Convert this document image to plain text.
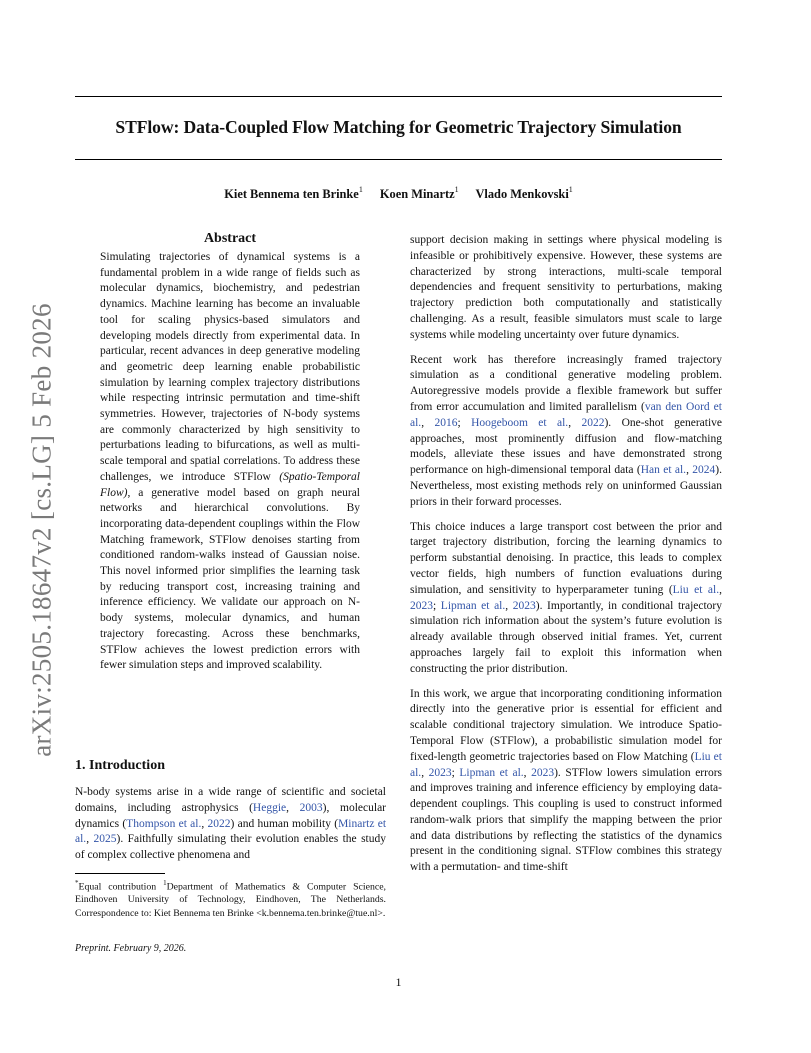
STFlow: Data-Coupled Flow Matching for Geometric Trajectory Simulation
Kiet Bennema ten Brinke$^1$ Koen Minartz$^1$ Vlado Menkovski$^1$
arXiv:2505.18647v2 [cs.LG] 5 Feb 2026
Abstract

Simulating trajectories of dynamical systems is a fundamental problem in a wide range of fields such as molecular dynamics, biochemistry, and pedestrian dynamics. Machine learning has become an invaluable tool for scaling physics-based simulators and developing models directly from experimental data. In particular, recent advances in deep generative modeling and geometric deep learning enable probabilistic simulation by learning complex trajectory distributions while respecting intrinsic permutation and time-shift symmetries. However, trajectories of N-body systems are commonly characterized by high sensitivity to perturbations leading to bifurcations, as well as multi-scale temporal and spatial correlations. To address these challenges, we introduce STFlow (Spatio-Temporal Flow), a generative model based on graph neural networks and hierarchical convolutions. By incorporating data-dependent couplings within the Flow Matching framework, STFlow denoises starting from conditioned random-walks instead of Gaussian noise. This novel informed prior simplifies the learning task by reducing transport cost, increasing training and inference efficiency. We validate our approach on N-body systems, molecular dynamics, and human trajectory forecasting. Across these benchmarks, STFlow achieves the lowest prediction errors with fewer simulation steps and improved scalability.

1. Introduction

N-body systems arise in a wide range of scientific and societal domains, including astrophysics (Heggie, 2003), molecular dynamics (Thompson et al., 2022) and human mobility (Minartz et al., 2025). Faithfully simulating their evolution enables the study of complex collective phenomena and

*Equal contribution $^1$Department of Mathematics & Computer Science, Eindhoven University of Technology, Eindhoven, The Netherlands. Correspondence to: Kiet Bennema ten Brinke <k.bennema.ten.brinke@tue.nl>.
Preprint. February 9, 2026.

support decision making in settings where physical modeling is infeasible or prohibitively expensive. However, these systems are characterized by strong interactions, multi-scale temporal dependencies and frequent sensitivity to perturbations, making trajectory prediction both computationally and statistically challenging. As a result, feasible simulators must scale to large systems while modeling uncertainty over future dynamics.

Recent work has therefore increasingly framed trajectory simulation as a conditional generative modeling problem. Autoregressive models provide a flexible framework but suffer from error accumulation and limited parallelism (van den Oord et al., 2016; Hoogeboom et al., 2022). One-shot generative approaches, most prominently diffusion and flow-matching models, alleviate these issues and have demonstrated strong performance on high-dimensional temporal data (Han et al., 2024). Nevertheless, most existing methods rely on uninformed Gaussian priors in their forward processes.

This choice induces a large transport cost between the prior and target trajectory distribution, forcing the learning dynamics to perform substantial denoising. In practice, this leads to complex vector fields, high numbers of function evaluations during simulation, and sensitivity to hyperparameter tuning (Liu et al., 2023; Lipman et al., 2023). Importantly, in conditional trajectory simulation rich information about the system’s future evolution is already available through observed initial frames. Yet, current approaches largely fail to exploit this information when constructing the prior distribution.

In this work, we argue that incorporating conditioning information directly into the generative prior is essential for efficient and scalable conditional trajectory simulation. We introduce Spatio-Temporal Flow (STFlow), a probabilistic simulation model for fixed-length geometric trajectories based on Flow Matching (Liu et al., 2023; Lipman et al., 2023). STFlow lowers simulation errors and improves training and inference efficiency by employing data-dependent couplings. This coupling is used to construct informed random-walk priors that simplify the mapping between the prior and data distributions by reflecting the statistics of the dynamics present in the conditioning signal. STFlow combines this strategy with a permutation- and time-shift

1
